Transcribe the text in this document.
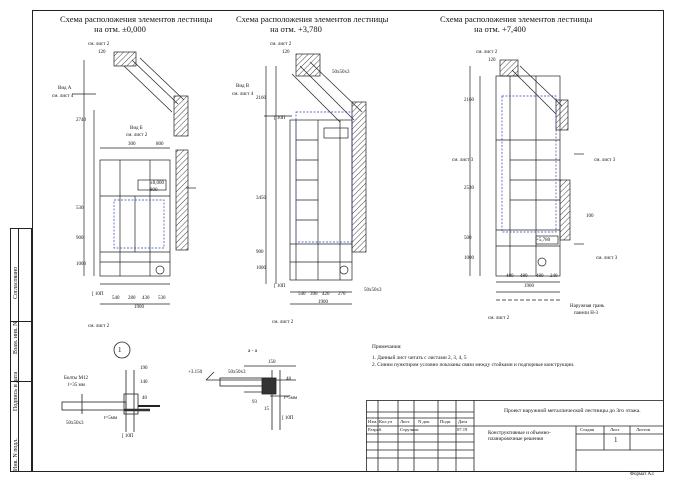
Согласовано
Инв. N подл.
Подпись и дата
Взам. инв. N
Схема расположения элементов лестницы
на отм. ±0,000
Схема расположения элементов лестницы
на отм. +3,780
Схема расположения элементов лестницы
на отм. +7,400
см. лист 2
120
Вид А
см. лист 4
Вид Б
см. лист 2
300	800
±0,000
800
530
900
1000
2740
[ 10П
540 280 430 530
1900
см. лист 2
см. лист 2
120
50х50х3
Вид В
см. лист 4
[ 10П
2160
3450
900
1000
[ 10П
540 390 420 270
1900
50х50х3
см. лист 2
см. лист 2
120
2160
2530
500
1000
см. лист 3
100
см. лист 3
см. лист 3
+5,780
480 480 480 240
1900
Наружная грань
панели Н-3
см. лист 2
1
Болты М12
l=35 мм
190
140
40
50х50х3
t=5мм
[ 10П
а - а
+3.150	50х50х3
150
48
93
15
t=5мм
[ 10П
Примечания:
1. Данный лист читать с листами 2, 3, 4, 5
2. Синим пунктиром условно показаны связи между стойками и подпорные конструкции.
Изм. Кол.уч Лист N док. Подп. Дата
Разраб.	Стручков	07.19
Проект наружной металлической лестницы до 3го этажа.
Конструктивные и объемно-планировочные решения
Стадия	Лист	Листов
1
Формат А3
